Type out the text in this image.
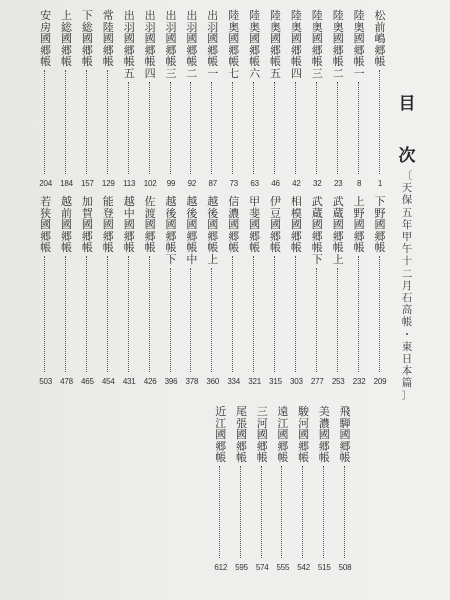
目
次
〔
天
保
五
年
甲
午
十
二
月
石
高
帳
・
東
日
本
篇
〕
松
前
嶋
郷
帳
1
陸
奥
國
郷
帳
一
8
陸
奥
國
郷
帳
二
23
陸
奥
國
郷
帳
三
32
陸
奥
國
郷
帳
四
42
陸
奥
國
郷
帳
五
46
陸
奥
國
郷
帳
六
63
陸
奥
國
郷
帳
七
73
出
羽
國
郷
帳
一
87
出
羽
國
郷
帳
二
92
出
羽
國
郷
帳
三
99
出
羽
國
郷
帳
四
102
出
羽
國
郷
帳
五
113
常
陸
國
郷
帳
129
下
総
國
郷
帳
157
上
総
國
郷
帳
184
安
房
國
郷
帳
204
下
野
國
郷
帳
209
上
野
國
郷
帳
232
武
蔵
國
郷
帳
上
253
武
蔵
國
郷
帳
下
277
相
模
國
郷
帳
303
伊
豆
國
郷
帳
315
甲
斐
國
郷
帳
321
信
濃
國
郷
帳
334
越
後
國
郷
帳
上
360
越
後
國
郷
帳
中
378
越
後
國
郷
帳
下
396
佐
渡
國
郷
帳
426
越
中
國
郷
帳
431
能
登
國
郷
帳
454
加
賀
國
郷
帳
465
越
前
國
郷
帳
478
若
狭
國
郷
帳
503
飛
騨
國
郷
帳
508
美
濃
國
郷
帳
515
駿
河
國
郷
帳
542
遠
江
國
郷
帳
555
三
河
國
郷
帳
574
尾
張
國
郷
帳
595
近
江
國
郷
帳
612
